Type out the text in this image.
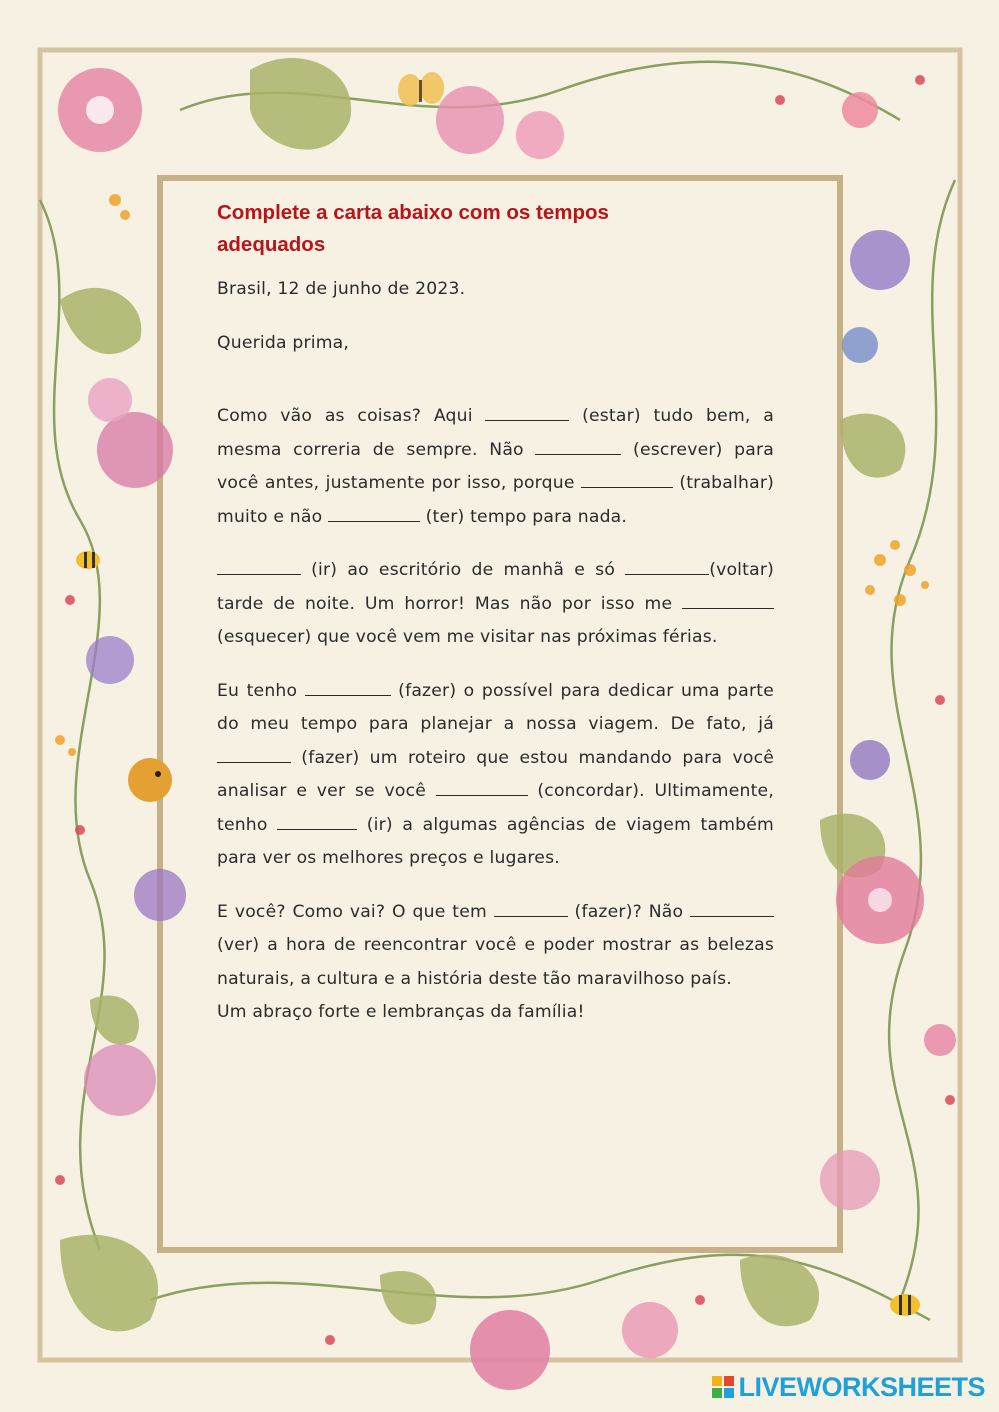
Complete a carta abaixo com os tempos adequados
Brasil, 12 de junho de 2023.
Querida prima,
Como vão as coisas? Aqui	(estar) tudo bem, a mesma correria de sempre. Não	(escrever) para você antes, justamente por isso, porque	(trabalhar) muito e não	(ter) tempo para nada.
(ir) ao escritório de manhã e só	(voltar) tarde de noite. Um horror! Mas não por isso me  (esquecer) que você vem me visitar nas próximas férias.
Eu tenho	(fazer) o possível para dedicar uma parte do meu tempo para planejar a nossa viagem. De fato, já  (fazer) um roteiro que estou mandando para você analisar e ver se você	(concordar). Ultimamente, tenho	(ir) a algumas agências de viagem também para ver os melhores preços e lugares.
E você? Como vai? O que tem	(fazer)? Não  (ver) a hora de reencontrar você e poder mostrar as belezas naturais, a cultura e a história deste tão maravilhoso país.
Um abraço forte e lembranças da família!
LIVEWORKSHEETS
